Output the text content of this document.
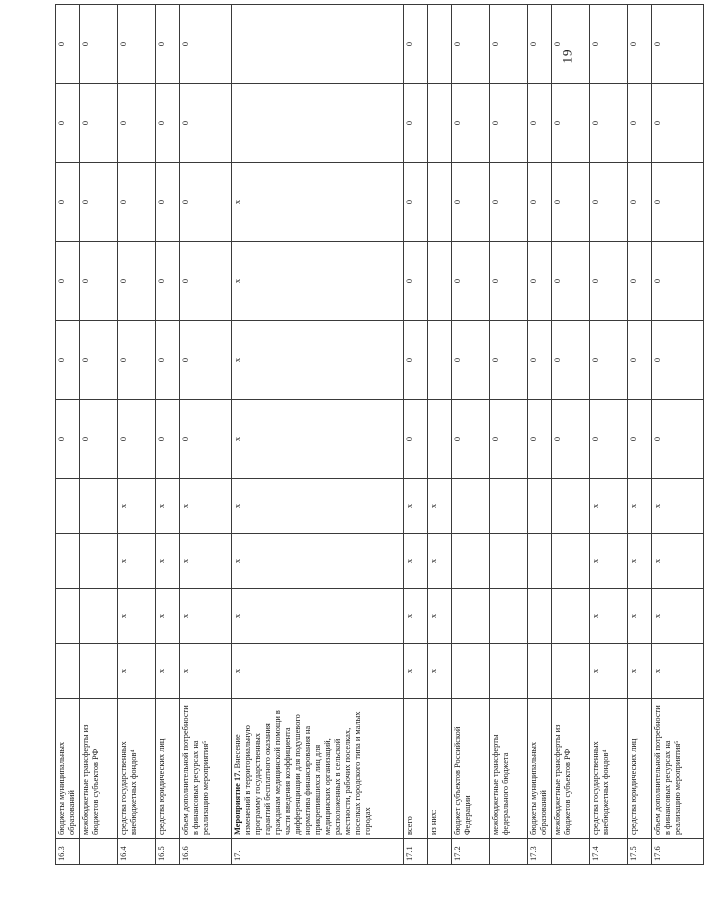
16.3	бюджеты муниципальных образований					0	0	0	0	0	0
	межбюджетные трансферты из бюджетов субъектов РФ					0	0	0	0	0	0
16.4	средства государственных внебюджетных фондов⁴	x	x	x	x	0	0	0	0	0	0
16.5	средства юридических лиц	x	x	x	x	0	0	0	0	0	0
16.6	объем дополнительной потребности в финансовых ресурсах на реализацию мероприятия⁵	x	x	x	x	0	0	0	0	0	0
17.	Мероприятие 17. Внесение изменений в территориальную программу государственных гарантий бесплатного оказания гражданам медицинской помощи в части введения коэффициента дифференциации для подушевого норматива финансирования на прикрепившихся лиц для медицинских организаций, расположенных в сельской местности, рабочих поселках, поселках городского типа и малых городах	x	x	x	x	x	x	x	x		
17.1	всего	x	x	x	x	0	0	0	0	0	0
	из них:	x	x	x	x						
17.2	бюджет субъектов Российской Федерации					0	0	0	0	0	0
	межбюджетные трансферты федерального бюджета					0	0	0	0	0	0
17.3	бюджеты муниципальных образований					0	0	0	0	0	0
	межбюджетные трансферты из бюджетов субъектов РФ					0	0	0	0	0	0
17.4	средства государственных внебюджетных фондов⁴	x	x	x	x	0	0	0	0	0	0
17.5	средства юридических лиц	x	x	x	x	0	0	0	0	0	0
17.6	объем дополнительной потребности в финансовых ресурсах на реализацию мероприятия⁵	x	x	x	x	0	0	0	0	0	0
19
